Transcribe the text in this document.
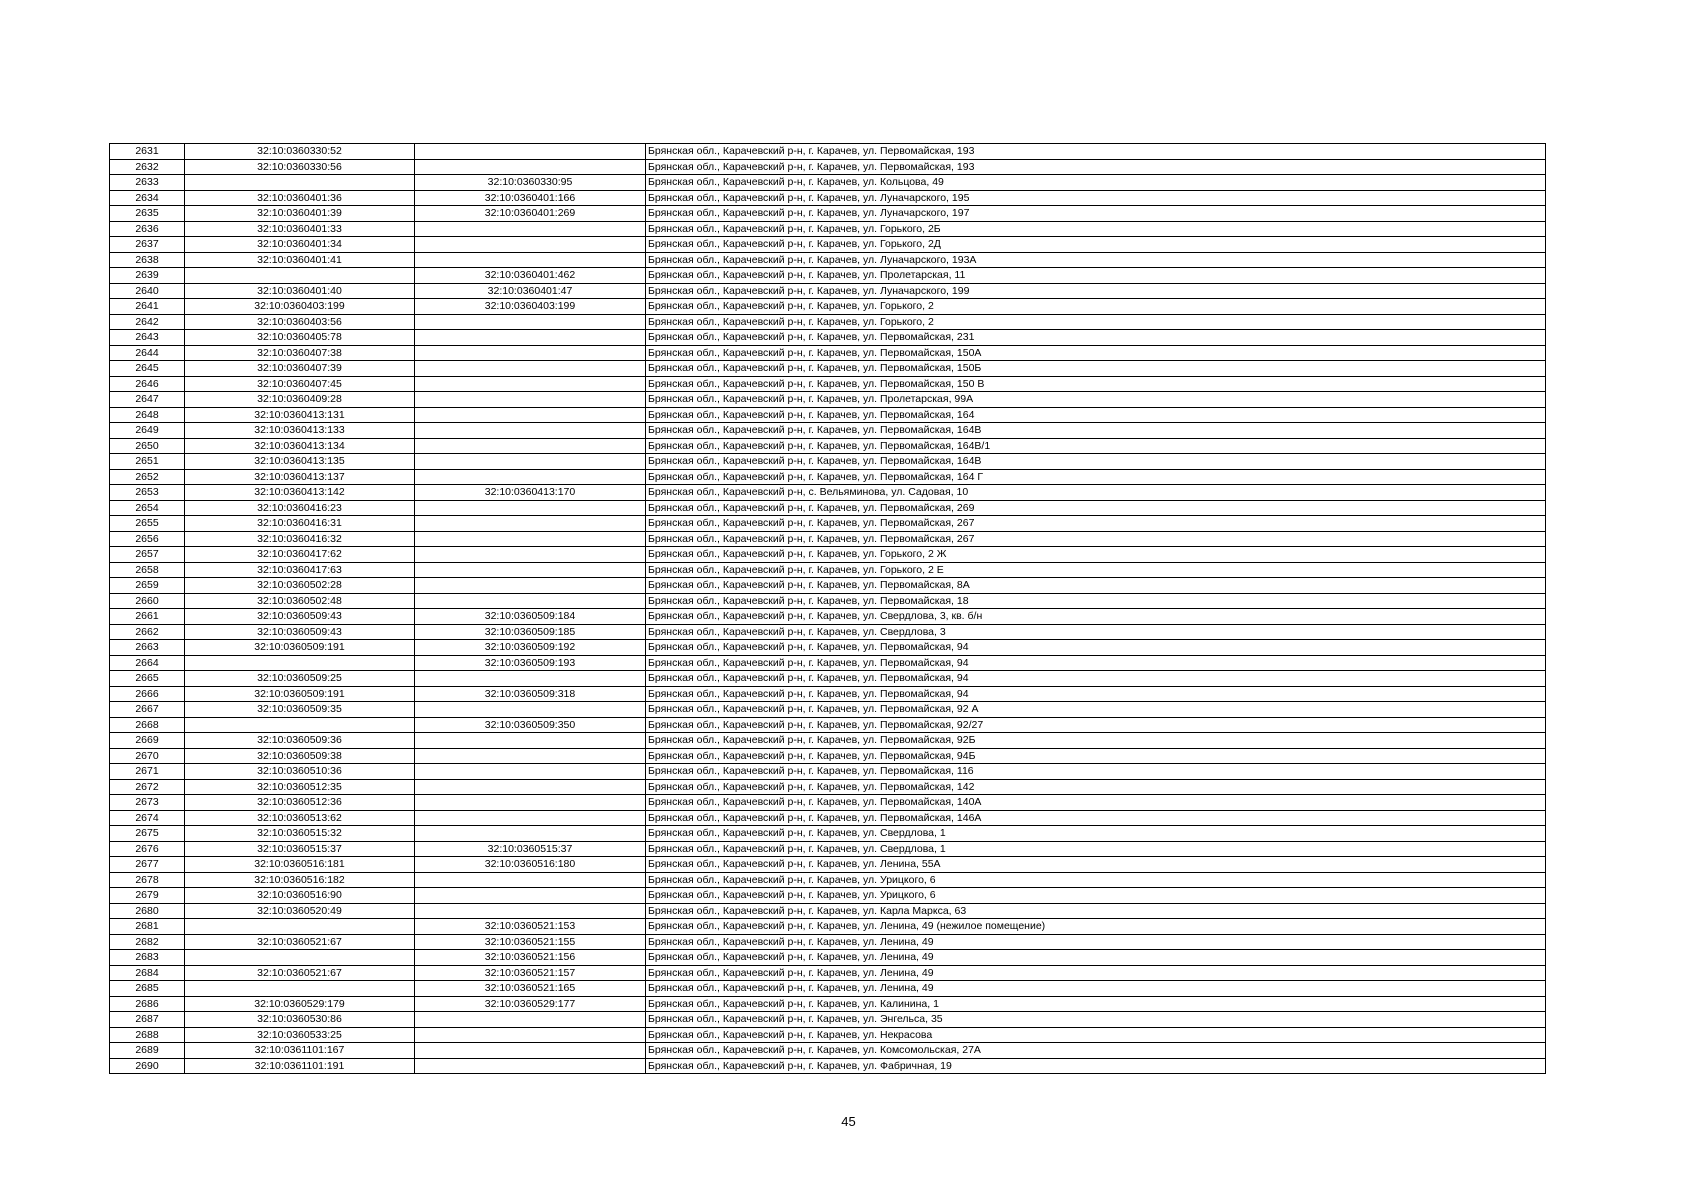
2631	32:10:0360330:52		Брянская обл., Карачевский р-н, г. Карачев, ул. Первомайская, 193
2632	32:10:0360330:56		Брянская обл., Карачевский р-н, г. Карачев, ул. Первомайская, 193
2633		32:10:0360330:95	Брянская обл., Карачевский р-н, г. Карачев, ул. Кольцова, 49
2634	32:10:0360401:36	32:10:0360401:166	Брянская обл., Карачевский р-н, г. Карачев, ул. Луначарского, 195
2635	32:10:0360401:39	32:10:0360401:269	Брянская обл., Карачевский р-н, г. Карачев, ул. Луначарского, 197
2636	32:10:0360401:33		Брянская обл., Карачевский р-н, г. Карачев, ул. Горького, 2Б
2637	32:10:0360401:34		Брянская обл., Карачевский р-н, г. Карачев, ул. Горького, 2Д
2638	32:10:0360401:41		Брянская обл., Карачевский р-н, г. Карачев, ул. Луначарского, 193А
2639		32:10:0360401:462	Брянская обл., Карачевский р-н, г. Карачев, ул. Пролетарская, 11
2640	32:10:0360401:40	32:10:0360401:47	Брянская обл., Карачевский р-н, г. Карачев, ул. Луначарского, 199
2641	32:10:0360403:199	32:10:0360403:199	Брянская обл., Карачевский р-н, г. Карачев, ул. Горького, 2
2642	32:10:0360403:56		Брянская обл., Карачевский р-н, г. Карачев, ул. Горького, 2
2643	32:10:0360405:78		Брянская обл., Карачевский р-н, г. Карачев, ул. Первомайская, 231
2644	32:10:0360407:38		Брянская обл., Карачевский р-н, г. Карачев, ул. Первомайская, 150А
2645	32:10:0360407:39		Брянская обл., Карачевский р-н, г. Карачев, ул. Первомайская, 150Б
2646	32:10:0360407:45		Брянская обл., Карачевский р-н, г. Карачев, ул. Первомайская, 150 В
2647	32:10:0360409:28		Брянская обл., Карачевский р-н, г. Карачев, ул. Пролетарская, 99А
2648	32:10:0360413:131		Брянская обл., Карачевский р-н, г. Карачев, ул. Первомайская, 164
2649	32:10:0360413:133		Брянская обл., Карачевский р-н, г. Карачев, ул. Первомайская, 164В
2650	32:10:0360413:134		Брянская обл., Карачевский р-н, г. Карачев, ул. Первомайская, 164В/1
2651	32:10:0360413:135		Брянская обл., Карачевский р-н, г. Карачев, ул. Первомайская, 164В
2652	32:10:0360413:137		Брянская обл., Карачевский р-н, г. Карачев, ул. Первомайская, 164 Г
2653	32:10:0360413:142	32:10:0360413:170	Брянская обл., Карачевский р-н, с. Вельяминова, ул. Садовая, 10
2654	32:10:0360416:23		Брянская обл., Карачевский р-н, г. Карачев, ул. Первомайская, 269
2655	32:10:0360416:31		Брянская обл., Карачевский р-н, г. Карачев, ул. Первомайская, 267
2656	32:10:0360416:32		Брянская обл., Карачевский р-н, г. Карачев, ул. Первомайская, 267
2657	32:10:0360417:62		Брянская обл., Карачевский р-н, г. Карачев, ул. Горького, 2 Ж
2658	32:10:0360417:63		Брянская обл., Карачевский р-н, г. Карачев, ул. Горького, 2 Е
2659	32:10:0360502:28		Брянская обл., Карачевский р-н, г. Карачев, ул. Первомайская, 8А
2660	32:10:0360502:48		Брянская обл., Карачевский р-н, г. Карачев, ул. Первомайская, 18
2661	32:10:0360509:43	32:10:0360509:184	Брянская обл., Карачевский р-н, г. Карачев, ул. Свердлова, 3, кв. б/н
2662	32:10:0360509:43	32:10:0360509:185	Брянская обл., Карачевский р-н, г. Карачев, ул. Свердлова, 3
2663	32:10:0360509:191	32:10:0360509:192	Брянская обл., Карачевский р-н, г. Карачев, ул. Первомайская, 94
2664		32:10:0360509:193	Брянская обл., Карачевский р-н, г. Карачев, ул. Первомайская, 94
2665	32:10:0360509:25		Брянская обл., Карачевский р-н, г. Карачев, ул. Первомайская, 94
2666	32:10:0360509:191	32:10:0360509:318	Брянская обл., Карачевский р-н, г. Карачев, ул. Первомайская, 94
2667	32:10:0360509:35		Брянская обл., Карачевский р-н, г. Карачев, ул. Первомайская, 92 А
2668		32:10:0360509:350	Брянская обл., Карачевский р-н, г. Карачев, ул. Первомайская, 92/27
2669	32:10:0360509:36		Брянская обл., Карачевский р-н, г. Карачев, ул. Первомайская, 92Б
2670	32:10:0360509:38		Брянская обл., Карачевский р-н, г. Карачев, ул. Первомайская, 94Б
2671	32:10:0360510:36		Брянская обл., Карачевский р-н, г. Карачев, ул. Первомайская, 116
2672	32:10:0360512:35		Брянская обл., Карачевский р-н, г. Карачев, ул. Первомайская, 142
2673	32:10:0360512:36		Брянская обл., Карачевский р-н, г. Карачев, ул. Первомайская, 140А
2674	32:10:0360513:62		Брянская обл., Карачевский р-н, г. Карачев, ул. Первомайская, 146А
2675	32:10:0360515:32		Брянская обл., Карачевский р-н, г. Карачев, ул. Свердлова, 1
2676	32:10:0360515:37	32:10:0360515:37	Брянская обл., Карачевский р-н, г. Карачев, ул. Свердлова, 1
2677	32:10:0360516:181	32:10:0360516:180	Брянская обл., Карачевский р-н, г. Карачев, ул. Ленина, 55А
2678	32:10:0360516:182		Брянская обл., Карачевский р-н, г. Карачев, ул. Урицкого, 6
2679	32:10:0360516:90		Брянская обл., Карачевский р-н, г. Карачев, ул. Урицкого, 6
2680	32:10:0360520:49		Брянская обл., Карачевский р-н, г. Карачев, ул. Карла Маркса, 63
2681		32:10:0360521:153	Брянская обл., Карачевский р-н, г. Карачев, ул. Ленина, 49 (нежилое помещение)
2682	32:10:0360521:67	32:10:0360521:155	Брянская обл., Карачевский р-н, г. Карачев, ул. Ленина, 49
2683		32:10:0360521:156	Брянская обл., Карачевский р-н, г. Карачев, ул. Ленина, 49
2684	32:10:0360521:67	32:10:0360521:157	Брянская обл., Карачевский р-н, г. Карачев, ул. Ленина, 49
2685		32:10:0360521:165	Брянская обл., Карачевский р-н, г. Карачев, ул. Ленина, 49
2686	32:10:0360529:179	32:10:0360529:177	Брянская обл., Карачевский р-н, г. Карачев, ул. Калинина, 1
2687	32:10:0360530:86		Брянская обл., Карачевский р-н, г. Карачев, ул. Энгельса, 35
2688	32:10:0360533:25		Брянская обл., Карачевский р-н, г. Карачев, ул. Некрасова
2689	32:10:0361101:167		Брянская обл., Карачевский р-н, г. Карачев, ул. Комсомольская, 27А
2690	32:10:0361101:191		Брянская обл., Карачевский р-н, г. Карачев, ул. Фабричная, 19
45
